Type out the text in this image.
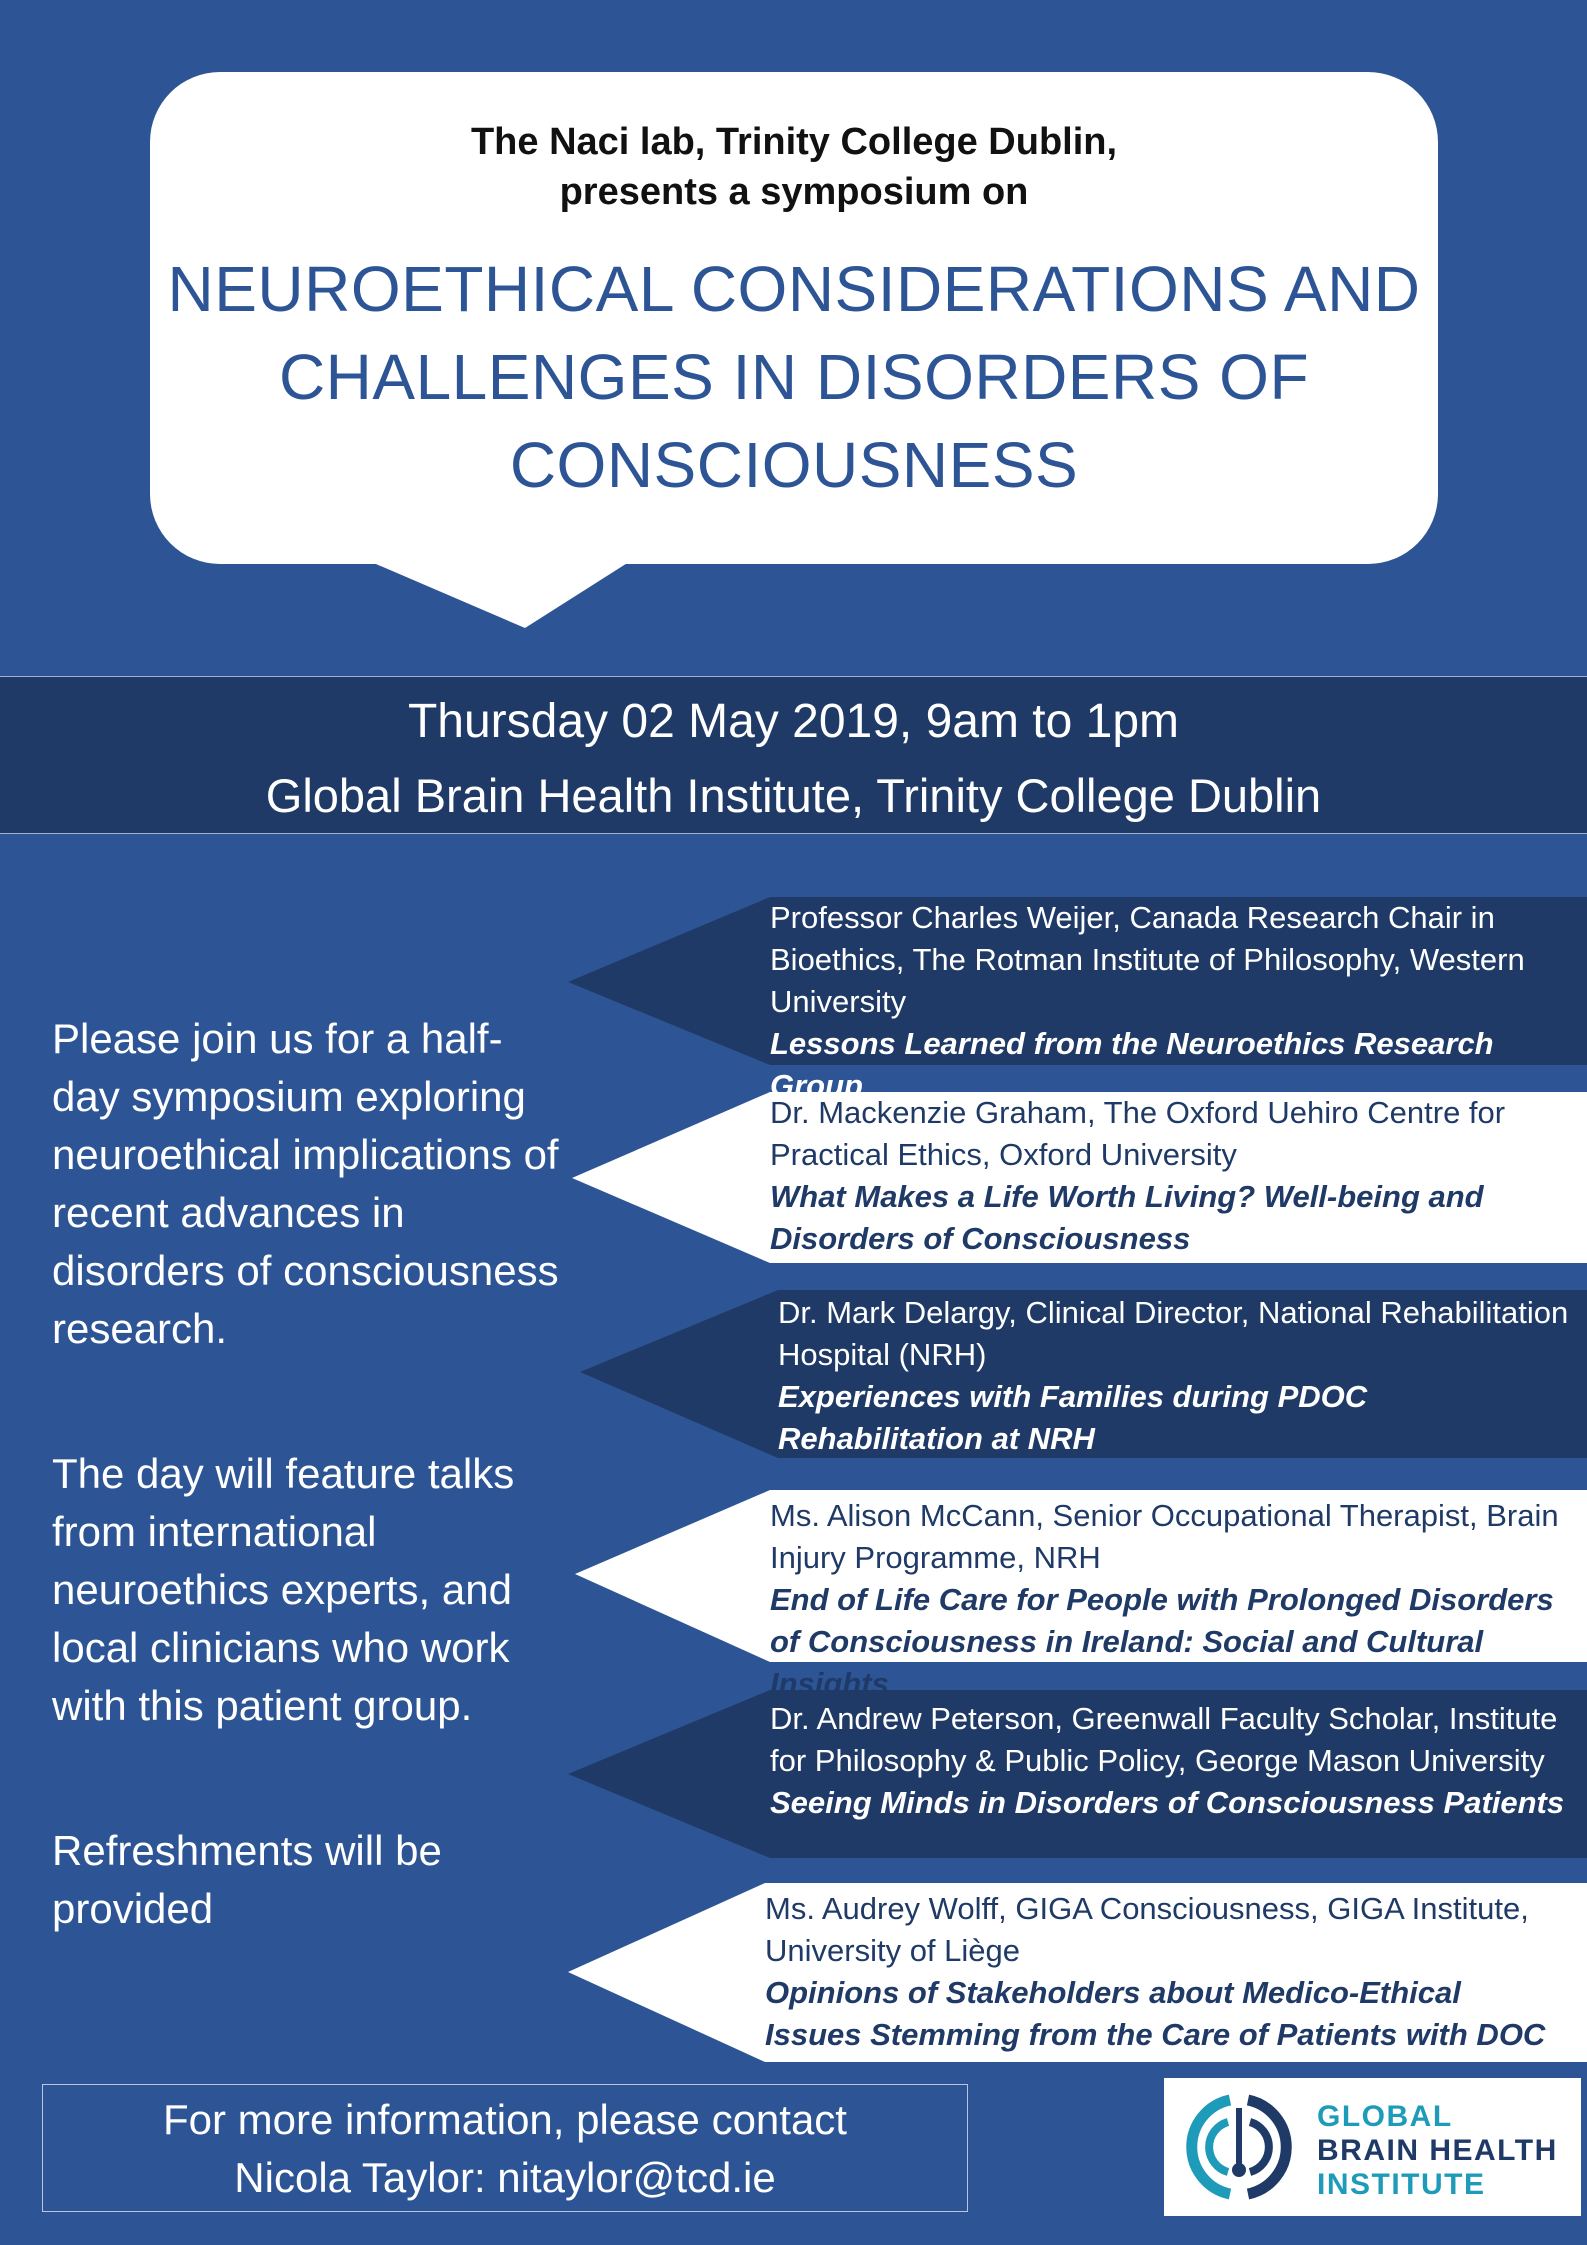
The Naci lab, Trinity College Dublin,
presents a symposium on
NEUROETHICAL CONSIDERATIONS AND
CHALLENGES IN DISORDERS OF
CONSCIOUSNESS
Thursday 02 May 2019, 9am to 1pm
Global Brain Health Institute, Trinity College Dublin
Please join us for a half-day symposium exploring neuroethical implications of recent advances in disorders of consciousness research.
The day will feature talks from international neuroethics experts, and local clinicians who work with this patient group.
Refreshments will be provided
Professor Charles Weijer, Canada Research Chair in Bioethics, The Rotman Institute of Philosophy, Western University
Lessons Learned from the Neuroethics Research Group
Dr. Mackenzie Graham, The Oxford Uehiro Centre for Practical Ethics, Oxford University
What Makes a Life Worth Living? Well-being and Disorders of Consciousness
Dr. Mark Delargy, Clinical Director, National Rehabilitation Hospital (NRH)
Experiences with Families during PDOC Rehabilitation at NRH
Ms. Alison McCann, Senior Occupational Therapist, Brain Injury Programme, NRH
End of Life Care for People with Prolonged Disorders of Consciousness in Ireland: Social and Cultural Insights
Dr. Andrew Peterson, Greenwall Faculty Scholar, Institute for Philosophy & Public Policy, George Mason University
Seeing Minds in Disorders of Consciousness Patients
Ms. Audrey Wolff, GIGA Consciousness, GIGA Institute, University of Liège
Opinions of Stakeholders about Medico-Ethical Issues Stemming from the Care of Patients with DOC
For more information, please contact
Nicola Taylor: nitaylor@tcd.ie
GLOBAL
BRAIN HEALTH
INSTITUTE
